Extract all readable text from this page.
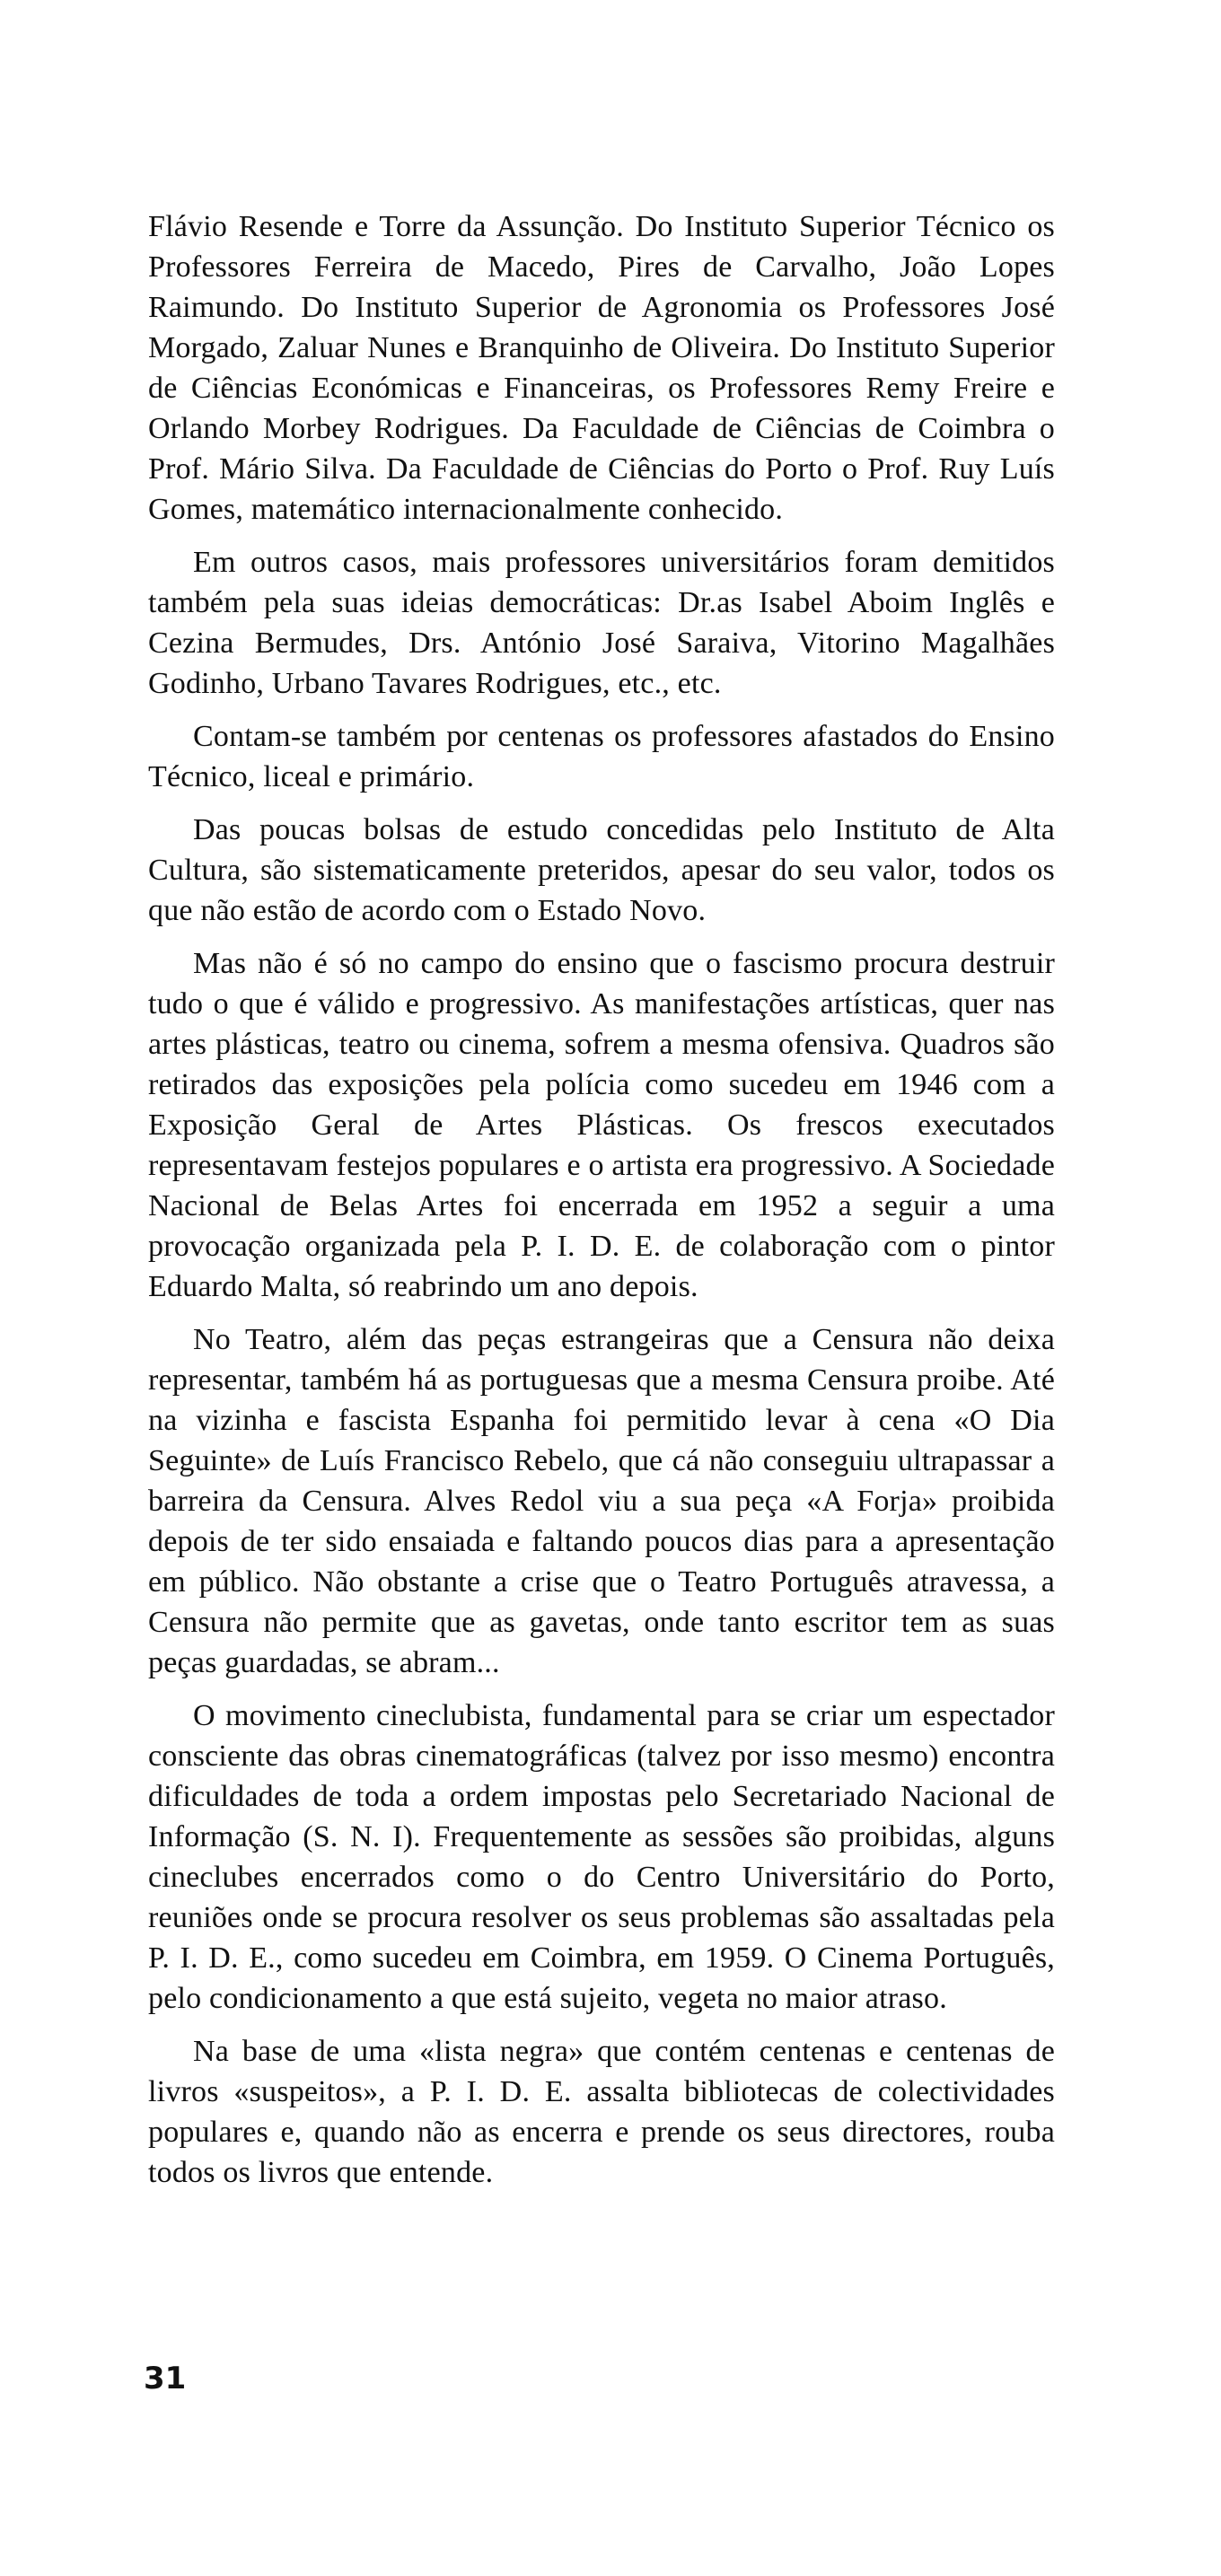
Flávio Resende e Torre da Assunção. Do Instituto Superior Técnico os Professores Ferreira de Macedo, Pires de Carvalho, João Lopes Raimundo. Do Instituto Superior de Agronomia os Professores José Morgado, Zaluar Nunes e Branquinho de Oliveira. Do Instituto Superior de Ciências Económicas e Financeiras, os Professores Remy Freire e Orlando Morbey Rodrigues. Da Faculdade de Ciências de Coimbra o Prof. Mário Silva. Da Faculdade de Ciências do Porto o Prof. Ruy Luís Gomes, matemático internacionalmente conhecido.

Em outros casos, mais professores universitários foram demitidos também pela suas ideias democráticas: Dr.as Isabel Aboim Inglês e Cezina Bermudes, Drs. António José Saraiva, Vitorino Magalhães Godinho, Urbano Tavares Rodrigues, etc., etc.

Contam-se também por centenas os professores afastados do Ensino Técnico, liceal e primário.

Das poucas bolsas de estudo concedidas pelo Instituto de Alta Cultura, são sistematicamente preteridos, apesar do seu valor, todos os que não estão de acordo com o Estado Novo.

Mas não é só no campo do ensino que o fascismo procura destruir tudo o que é válido e progressivo. As manifestações artísticas, quer nas artes plásticas, teatro ou cinema, sofrem a mesma ofensiva. Quadros são retirados das exposições pela polícia como sucedeu em 1946 com a Exposição Geral de Artes Plásticas. Os frescos executados representavam festejos populares e o artista era progressivo. A Sociedade Nacional de Belas Artes foi encerrada em 1952 a seguir a uma provocação organizada pela P. I. D. E. de colaboração com o pintor Eduardo Malta, só reabrindo um ano depois.

No Teatro, além das peças estrangeiras que a Censura não deixa representar, também há as portuguesas que a mesma Censura proibe. Até na vizinha e fascista Espanha foi permitido levar à cena «O Dia Seguinte» de Luís Francisco Rebelo, que cá não conseguiu ultrapassar a barreira da Censura. Alves Redol viu a sua peça «A Forja» proibida depois de ter sido ensaiada e faltando poucos dias para a apresentação em público. Não obstante a crise que o Teatro Português atravessa, a Censura não permite que as gavetas, onde tanto escritor tem as suas peças guardadas, se abram...

O movimento cineclubista, fundamental para se criar um espectador consciente das obras cinematográficas (talvez por isso mesmo) encontra dificuldades de toda a ordem impostas pelo Secretariado Nacional de Informação (S. N. I). Frequentemente as sessões são proibidas, alguns cineclubes encerrados como o do Centro Universitário do Porto, reuniões onde se procura resolver os seus problemas são assaltadas pela P. I. D. E., como sucedeu em Coimbra, em 1959. O Cinema Português, pelo condicionamento a que está sujeito, vegeta no maior atraso.

Na base de uma «lista negra» que contém centenas e centenas de livros «suspeitos», a P. I. D. E. assalta bibliotecas de colectividades populares e, quando não as encerra e prende os seus directores, rouba todos os livros que entende.

31
